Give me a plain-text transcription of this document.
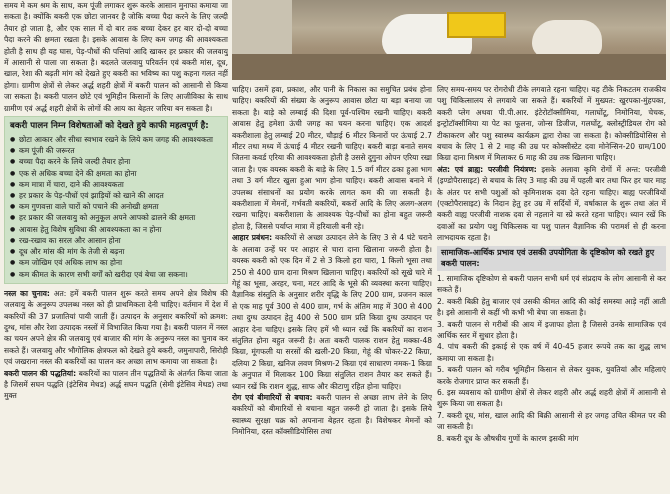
समय मे कम श्रम के साथ, कम पूंजी लगाकर शुरू करके आसान मुनाफा कमाया जा सकता है। क्योंकि बकरी एक छोटा जानवर है जोकि बच्चा पैदा करने के लिए जल्दी तैयार हो जाता है, और एक साल में दो बार तक बच्चा देकर हर बार दो-दो बच्चा पैदा करने की क्षमता रखता है। इसके आवास के लिए कम जगह की आवश्यकता होती है साथ ही यह घास, पेड़-पौधों की पत्तियां आदि खाकर हर प्रकार की जलवायु में आसानी से पाला जा सकता है। बदलते जलवायु परिवर्तन एवं बकरी मांस, दूध, खाल, रेशा की बढ़ती मांग को देखते हुए बकरी का भविष्य का पशु कहना गलत नहीं होगा। ग्रामीण क्षेत्रों से लेकर अर्द्ध शहरी क्षेत्रों में बकरी पालन को आसानी से किया जा सकता है। बकरी पालन छोटे एवं भूमिहीन किसानों के लिए आजीविका के साथ ग्रामीण एवं अर्द्ध शहरी क्षेत्रों के लोगों की आय का बेहतर जरिया बन सकता है।

बकरी पालन निम्न विशेषताओं को देखते हुये काफी महत्वपूर्ण है:
● छोटा आकार और सीधा स्वभाव रखने के लिये कम जगह की आवश्यकता
● कम पूंजी की जरूरत
● बच्चा पैदा करने के लिये जल्दी तैयार होना
● एक से अधिक बच्चा देने की क्षमता का होना
● कम मात्रा में चारा, दाने की आवश्यकता
● हर प्रकार के पेड़-पौधों एवं झाड़ियों को खाने की आदत
● कम गुणवत्ता वाले चारों को पचाने की अनोखी क्षमता
● हर प्रकार की जलवायु को अनुकूल अपने आपको ढालने की क्षमता
● आवास हेतु विशेष सुविधा की आवश्यकता का न होना
● रख-रखाव का सरल और आसान होना
● दूध और मांस की मांग के तेजी से बढ़ना
● कम जोखिम एवं अधिक लाभ का होना
● कम कीमत के कारण सभी वर्गों को खरीदा एवं बेचा जा सकना।

नस्ल का चुनाव: अत: हमें बकरी पालन शुरू करते समय अपने क्षेत्र विशेष की जलवायु के अनुरूप उपलब्ध नस्ल को ही प्राथमिकता देनी चाहिए। वर्तमान में देश में बकरियों की 37 प्रजातियां पायी जाती हैं। उत्पादन के अनुसार बकरियों को क्रमश: दुग्ध, मांस और रेशा उत्पादक नस्लों में विभाजित किया गया है। बकरी पालन में नस्ल का चयन अपने क्षेत्र की जलवायु एवं बाजार की मांग के अनुरूप नस्ल का चुनाव कर सकते हैं। जलवायु और भौगोलिक क्षेत्रफल को देखते हुये बकरी, जमुनापारी, सिरोही एवं जखराना नस्ल की बकरियों का पालन कर अच्छा लाभ कमाया जा सकता है।

बकरी पालन की पद्धतियां: बकरियों का पालन तीन पद्धतियों के अंतर्गत किया जाता है जिसमें सघन पद्धति (इंटेसिव मेथड) अर्द्ध सघन पद्धति (सेमी इंटेसिव मेथड) तथा मुक्त

चाहिए। उसमें हवा, प्रकाश, और पानी के निकास का समुचित प्रबंध होना चाहिए। बकरियों की संख्या के अनुरूप आवास छोटा या बड़ा बनाया जा सकता है। बाड़े को लम्बाई की दिशा पूर्व-पश्चिम रखनी चाहिए। बकरी आवास हेतु हमेशा ऊंची जगह का चयन करना चाहिए। एक आदर्श बकरीशाला हेतु लम्बाई 20 मीटर, चौड़ाई 6 मीटर किनारों पर ऊंचाई 2.7 मीटर तथा मध्य में ऊंचाई 4 मीटर रखनी चाहिए। बकरी बाड़ा बनाते समय जितना कवर्ड एरिया की आवश्यकता होती है उससे दुगुना ओपन एरिया रखा जाता है। एक वयस्क बकरी के बाड़े के लिए 1.5 वर्ग मीटर ढका हुआ भाग तथा 3 वर्ग मीटर खुला हुआ भाग होना चाहिए। बकरी आवास बनाने में उपलब्ध संसाधनों का प्रयोग करके लागत कम की जा सकती है। बकरीशाला में मेमनों, गर्भवती बकरियों, बकरों आदि के लिए अलग-अलग रखना चाहिए। बकरीशाला के आवश्यक पेड़-पौधों का होना बहुत जरूरी होता है, जिससे पर्याप्त मात्रा में हरियाली बनी रहे।

आहार प्रबंधन: बकरियों से अच्छा उत्पादन लेने के लिए 3 से 4 घंटे चराने के अलावा उन्हें घर पर आहार से चारा दाना खिलाना जरूरी होता है। वयस्क बकरी को एक दिन में 2 से 3 किलो हरा चारा, 1 किलो भूसा तथा 250 से 400 ग्राम दाना मिश्रण खिलाना चाहिए। बकरियों को सूखे चारे में गेहूं का भूसा, अरहर, चना, मटर आदि के भूसे की व्यवस्था करना चाहिए। वैज्ञानिक संस्तुति के अनुसार शरीर वृद्धि के लिए 200 ग्राम, प्रजनन काल से एक माह पूर्व 300 से 400 ग्राम, गर्भ के अंतिम माह में 300 से 400 तथा दुग्ध उत्पादन हेतु 400 से 500 ग्राम प्रति किग्रा दुग्ध उत्पादन पर आहार देना चाहिए। इसके लिए हमें भी ध्यान रखें कि बकरियों का राशन संतुलित होना बहुत जरूरी है। अतः बकरी पालक राशन हेतु मक्का-48 किग्रा, मूंगफली या सरसों की खली-20 किग्रा, गेहूं की चोकर-22 किग्रा, दलिया 2 किग्रा, खनिज लवण मिश्रण-2 किग्रा एवं साधारण नमक-1 किग्रा के अनुपात में मिलाकर 100 किग्रा संतुलित राशन तैयार कर सकते हैं। ध्यान रखें कि राशन शुद्ध, साफ और कीटाणु रहित होना चाहिए।

रोग एवं बीमारियों से बचाव: बकरी पालन से अच्छा लाभ लेने के लिए बकरियों को बीमारियों से बचाना बहुत जरूरी हो जाता है। इसके लिये स्वास्थ्य सुरक्षा चक्र को अपनाना बेहतर रहता है। विशेषकर मेमनों को निमोनिया, दस्त कॉक्सीडियोसिस तथा

लिए समय-समय पर रोगरोधी टीके लगवाते रहना चाहिए। यह टीके निकटतम राजकीय पशु चिकित्सालय से लगवाये जा सकते हैं। बकरियों में मुख्यत: खुरपका-मुंहपका, बकरी प्लेग अथवा पी.पी.आर. इंटेरोटॉक्सीमिया, गलाघोंटू, निमोनिया, चेचक, इन्ट्रोटॉक्सीमिया या पेट का फूलना, जोन्स डिजीज, गलघोंटू, क्लोस्ट्रीडियल रोग को टीकाकरण और पशु स्वास्थ्य कार्यक्रम द्वारा रोका जा सकता है। कोक्सीडियोसिस से बचाव के लिए 1 से 2 माह की उम्र पर कोक्सीस्टेट दवा मोनेन्सिन-20 ग्राम/100 किग्रा दाना मिश्रण में मिलाकर 6 माह की उम्र तक खिलाना चाहिए।

अंत: एवं ब्राह्य: परजीवी नियंत्रण: इसके अलावा कृमि रोगों में अन्त: परजीवी (इण्डोपैरासाइट) से बचाव के लिए 3 माह की उम्र में पहली बार तथा फिर हर चार माह के अंतर पर सभी पशुओं को कृमिनाशक दवा देते रहना चाहिए। बाह्य परजीवियों (एक्टोपैरासाइट) के निदान हेतु हर उम्र में सर्दियों में, वर्षाकाल के शुरू तथा अंत में बकरी वाह्य परजीवी नाशक दवा से नहलाने या स्प्रे करते रहना चाहिए। ध्यान रखें कि दवाओं का प्रयोग पशु चिकित्सक या पशु पालन वैज्ञानिक की परामर्श से ही करना लाभदायक रहता है।

सामाजिक-आर्थिक प्रभाव एवं उसकी उपयोगिता के दृष्टिकोण को रखते हुए बकरी पालन:

1. सामाजिक दृष्टिकोण से बकरी पालन सभी धर्म एवं संप्रदाय के लोग आसानी से कर सकते हैं।

2. बकरी बिक्री हेतु बाजार एवं उसकी कीमत आदि की कोई समस्या आड़े नहीं आती है। इसे आसानी से कहीं भी कभी भी बेचा जा सकता है।

3. बकरी पालन से गरीबों की आय में इजाफा होता है जिससे उनके सामाजिक एवं आर्थिक स्तर में सुधार होता है।

4. पांच बकरी की इकाई से एक वर्ष में 40-45 हजार रूपये तक का शुद्ध लाभ कमाया जा सकता है।

5. बकरी पालन को गरीब भूमिहीन किसान से लेकर युवक, युवतियां और महिलाएं करके रोजगार प्राप्त कर सकती हैं।

6. इस व्यवसाय को ग्रामीण क्षेत्रों से लेकर शहरी और अर्द्ध शहरी क्षेत्रों में आसानी से शुरू किया जा सकता है।

7. बकरी दूध, मांस, खाल आदि की बिक्री आसानी से हर जगह उचित कीमत पर की जा सकती है।

8. बकरी दूध के औषधीय गुणों के कारण इसकी मांग
